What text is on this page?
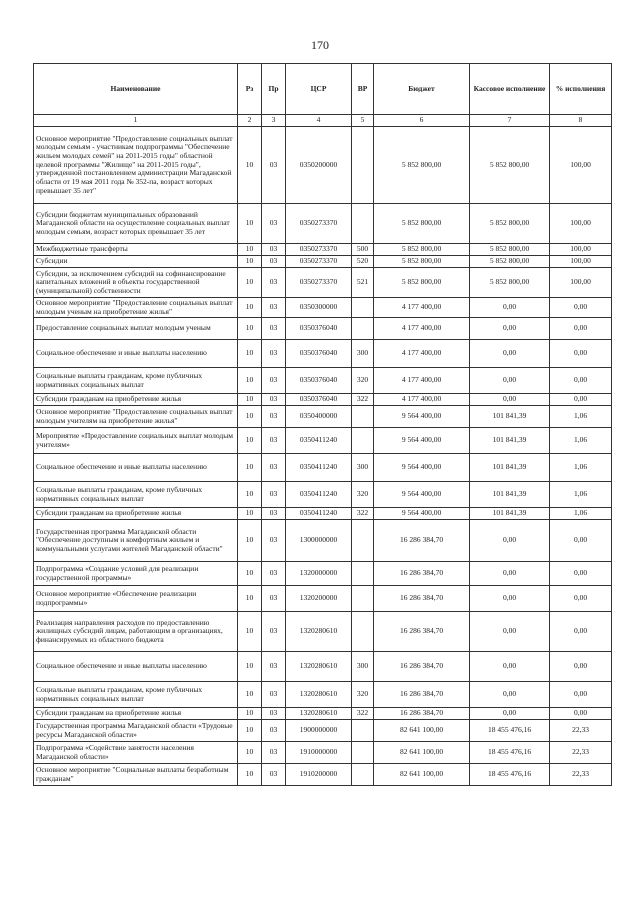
170
Наименование	Рз	Пр	ЦСР	ВР	Бюджет	Кассовое исполнение	% исполнения
1	2	3	4	5	6	7	8
Основное мероприятие "Предоставление социальных выплат молодым семьям - участникам подпрограммы "Обеспечение жильем молодых семей" на 2011-2015 годы" областной целевой программы "Жилище" на 2011-2015 годы", утвержденной постановлением администрации Магаданской области от 19 мая 2011 года № 352-па, возраст которых превышает 35 лет"	10	03	0350200000		5 852 800,00	5 852 800,00	100,00
Субсидии бюджетам муниципальных образований Магаданской области на осуществление социальных выплат молодым семьям, возраст которых превышает 35 лет	10	03	0350273370		5 852 800,00	5 852 800,00	100,00
Межбюджетные трансферты	10	03	0350273370	500	5 852 800,00	5 852 800,00	100,00
Субсидии	10	03	0350273370	520	5 852 800,00	5 852 800,00	100,00
Субсидии, за исключением субсидий на софинансирование капитальных вложений в объекты государственной (муниципальной) собственности	10	03	0350273370	521	5 852 800,00	5 852 800,00	100,00
Основное мероприятие "Предоставление социальных выплат молодым ученым на приобретение жилья"	10	03	0350300000		4 177 400,00	0,00	0,00
Предоставление социальных выплат молодым ученым	10	03	0350376040		4 177 400,00	0,00	0,00
Социальное обеспечение и иные выплаты населению	10	03	0350376040	300	4 177 400,00	0,00	0,00
Социальные выплаты гражданам, кроме публичных нормативных социальных выплат	10	03	0350376040	320	4 177 400,00	0,00	0,00
Субсидии гражданам на приобретение жилья	10	03	0350376040	322	4 177 400,00	0,00	0,00
Основное мероприятие "Предоставление социальных выплат молодым учителям на приобретение жилья"	10	03	0350400000		9 564 400,00	101 841,39	1,06
Мероприятие «Предоставление социальных выплат молодым учителям»	10	03	0350411240		9 564 400,00	101 841,39	1,06
Социальное обеспечение и иные выплаты населению	10	03	0350411240	300	9 564 400,00	101 841,39	1,06
Социальные выплаты гражданам, кроме публичных нормативных социальных выплат	10	03	0350411240	320	9 564 400,00	101 841,39	1,06
Субсидии гражданам на приобретение жилья	10	03	0350411240	322	9 564 400,00	101 841,39	1,06
Государственная программа Магаданской области "Обеспечение доступным и комфортным жильем и коммунальными услугами жителей Магаданской области"	10	03	1300000000		16 286 384,70	0,00	0,00
Подпрограмма «Создание условий для реализации государственной программы»	10	03	1320000000		16 286 384,70	0,00	0,00
Основное мероприятие «Обеспечение реализации подпрограммы»	10	03	1320200000		16 286 384,70	0,00	0,00
Реализация направления расходов по предоставлению жилищных субсидий лицам, работающим в организациях, финансируемых из областного бюджета	10	03	1320280610		16 286 384,70	0,00	0,00
Социальное обеспечение и иные выплаты населению	10	03	1320280610	300	16 286 384,70	0,00	0,00
Социальные выплаты гражданам, кроме публичных нормативных социальных выплат	10	03	1320280610	320	16 286 384,70	0,00	0,00
Субсидии гражданам на приобретение жилья	10	03	1320280610	322	16 286 384,70	0,00	0,00
Государственная программа Магаданской области «Трудовые ресурсы Магаданской области»	10	03	1900000000		82 641 100,00	18 455 476,16	22,33
Подпрограмма «Содействие занятости населения Магаданской области»	10	03	1910000000		82 641 100,00	18 455 476,16	22,33
Основное мероприятие "Социальные выплаты безработным гражданам"	10	03	1910200000		82 641 100,00	18 455 476,16	22,33
